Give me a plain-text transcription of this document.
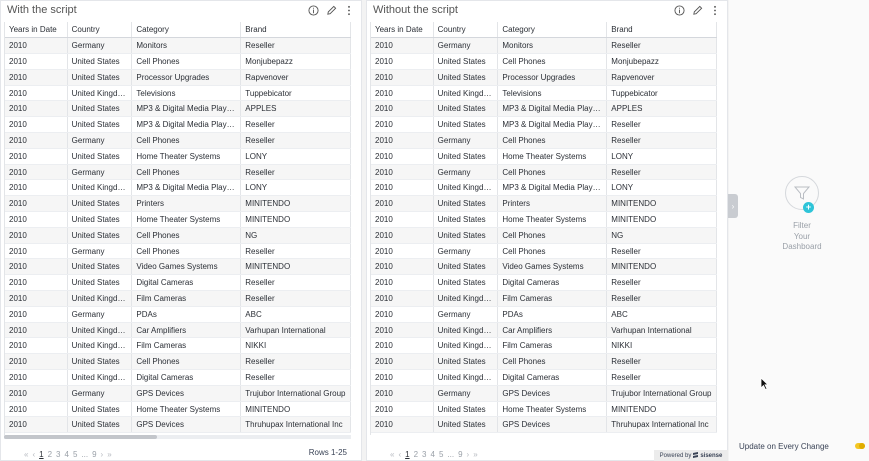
With the script
Years in Date	Country	Category	Brand
2010	Germany	Monitors	Reseller
2010	United States	Cell Phones	Monjubepazz
2010	United States	Processor Upgrades	Rapvenover
2010	United Kingd…	Televisions	Tuppebicator
2010	United States	MP3 & Digital Media Play…	APPLES
2010	United States	MP3 & Digital Media Play…	Reseller
2010	Germany	Cell Phones	Reseller
2010	United States	Home Theater Systems	LONY
2010	Germany	Cell Phones	Reseller
2010	United Kingd…	MP3 & Digital Media Play…	LONY
2010	United States	Printers	MINITENDO
2010	United States	Home Theater Systems	MINITENDO
2010	United States	Cell Phones	NG
2010	Germany	Cell Phones	Reseller
2010	United States	Video Games Systems	MINITENDO
2010	United States	Digital Cameras	Reseller
2010	United Kingd…	Film Cameras	Reseller
2010	Germany	PDAs	ABC
2010	United Kingd…	Car Amplifiers	Varhupan International
2010	United Kingd…	Film Cameras	NIKKI
2010	United States	Cell Phones	Reseller
2010	United Kingd…	Digital Cameras	Reseller
2010	Germany	GPS Devices	Trujubor International Group
2010	United States	Home Theater Systems	MINITENDO
2010	United States	GPS Devices	Thruhupax International Inc
« ‹ 1 2 3 4 5 ... 9 › »	Rows 1-25
Without the script
Years in Date	Country	Category	Brand
2010	Germany	Monitors	Reseller
2010	United States	Cell Phones	Monjubepazz
2010	United States	Processor Upgrades	Rapvenover
2010	United Kingd…	Televisions	Tuppebicator
2010	United States	MP3 & Digital Media Play…	APPLES
2010	United States	MP3 & Digital Media Play…	Reseller
2010	Germany	Cell Phones	Reseller
2010	United States	Home Theater Systems	LONY
2010	Germany	Cell Phones	Reseller
2010	United Kingd…	MP3 & Digital Media Play…	LONY
2010	United States	Printers	MINITENDO
2010	United States	Home Theater Systems	MINITENDO
2010	United States	Cell Phones	NG
2010	Germany	Cell Phones	Reseller
2010	United States	Video Games Systems	MINITENDO
2010	United States	Digital Cameras	Reseller
2010	United Kingd…	Film Cameras	Reseller
2010	Germany	PDAs	ABC
2010	United Kingd…	Car Amplifiers	Varhupan International
2010	United Kingd…	Film Cameras	NIKKI
2010	United States	Cell Phones	Reseller
2010	United Kingd…	Digital Cameras	Reseller
2010	Germany	GPS Devices	Trujubor International Group
2010	United States	Home Theater Systems	MINITENDO
2010	United States	GPS Devices	Thruhupax International Inc
« ‹ 1 2 3 4 5 ... 9 › »	Powered by sisense
›	+
Filter
Your
Dashboard
Update on Every Change
